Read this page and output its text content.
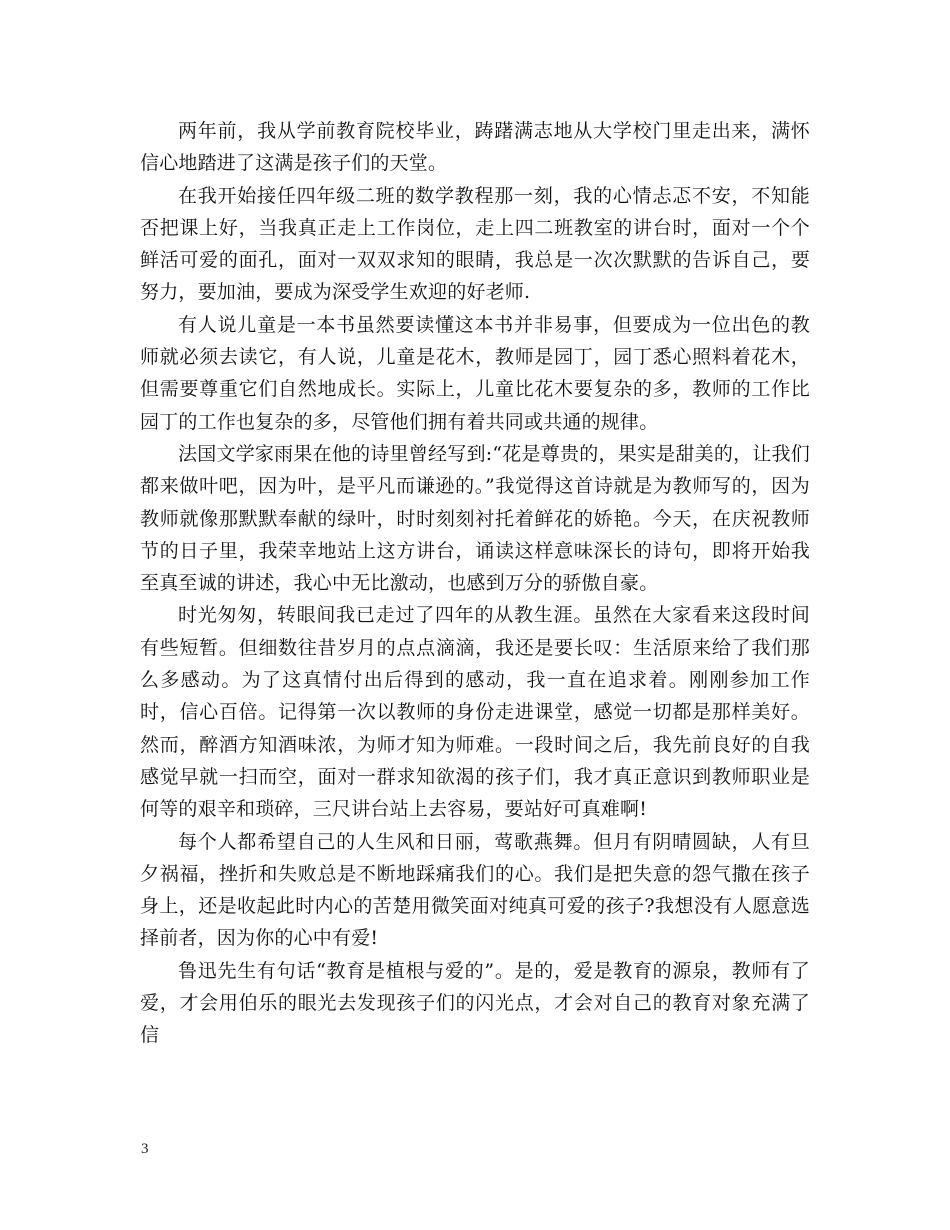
两年前，我从学前教育院校毕业，踌躇满志地从大学校门里走出来，满怀信心地踏进了这满是孩子们的天堂。

在我开始接任四年级二班的数学教程那一刻，我的心情忐忑不安，不知能否把课上好，当我真正走上工作岗位，走上四二班教室的讲台时，面对一个个鲜活可爱的面孔，面对一双双求知的眼睛，我总是一次次默默的告诉自己，要努力，要加油，要成为深受学生欢迎的好老师.

有人说儿童是一本书虽然要读懂这本书并非易事，但要成为一位出色的教师就必须去读它，有人说，儿童是花木，教师是园丁，园丁悉心照料着花木，但需要尊重它们自然地成长。实际上，儿童比花木要复杂的多，教师的工作比园丁的工作也复杂的多，尽管他们拥有着共同或共通的规律。

法国文学家雨果在他的诗里曾经写到:“花是尊贵的，果实是甜美的，让我们都来做叶吧，因为叶，是平凡而谦逊的。”我觉得这首诗就是为教师写的，因为教师就像那默默奉献的绿叶，时时刻刻衬托着鲜花的娇艳。今天，在庆祝教师节的日子里，我荣幸地站上这方讲台，诵读这样意味深长的诗句，即将开始我至真至诚的讲述，我心中无比激动，也感到万分的骄傲自豪。

时光匆匆，转眼间我已走过了四年的从教生涯。虽然在大家看来这段时间有些短暂。但细数往昔岁月的点点滴滴，我还是要长叹：生活原来给了我们那么多感动。为了这真情付出后得到的感动，我一直在追求着。刚刚参加工作时，信心百倍。记得第一次以教师的身份走进课堂，感觉一切都是那样美好。然而，醉酒方知酒味浓，为师才知为师难。一段时间之后，我先前良好的自我感觉早就一扫而空，面对一群求知欲渴的孩子们，我才真正意识到教师职业是何等的艰辛和琐碎，三尺讲台站上去容易，要站好可真难啊!

每个人都希望自己的人生风和日丽，莺歌燕舞。但月有阴晴圆缺，人有旦夕祸福，挫折和失败总是不断地踩痛我们的心。我们是把失意的怨气撒在孩子身上，还是收起此时内心的苦楚用微笑面对纯真可爱的孩子?我想没有人愿意选择前者，因为你的心中有爱!

鲁迅先生有句话“教育是植根与爱的”。是的，爱是教育的源泉，教师有了爱，才会用伯乐的眼光去发现孩子们的闪光点，才会对自己的教育对象充满了信

3
